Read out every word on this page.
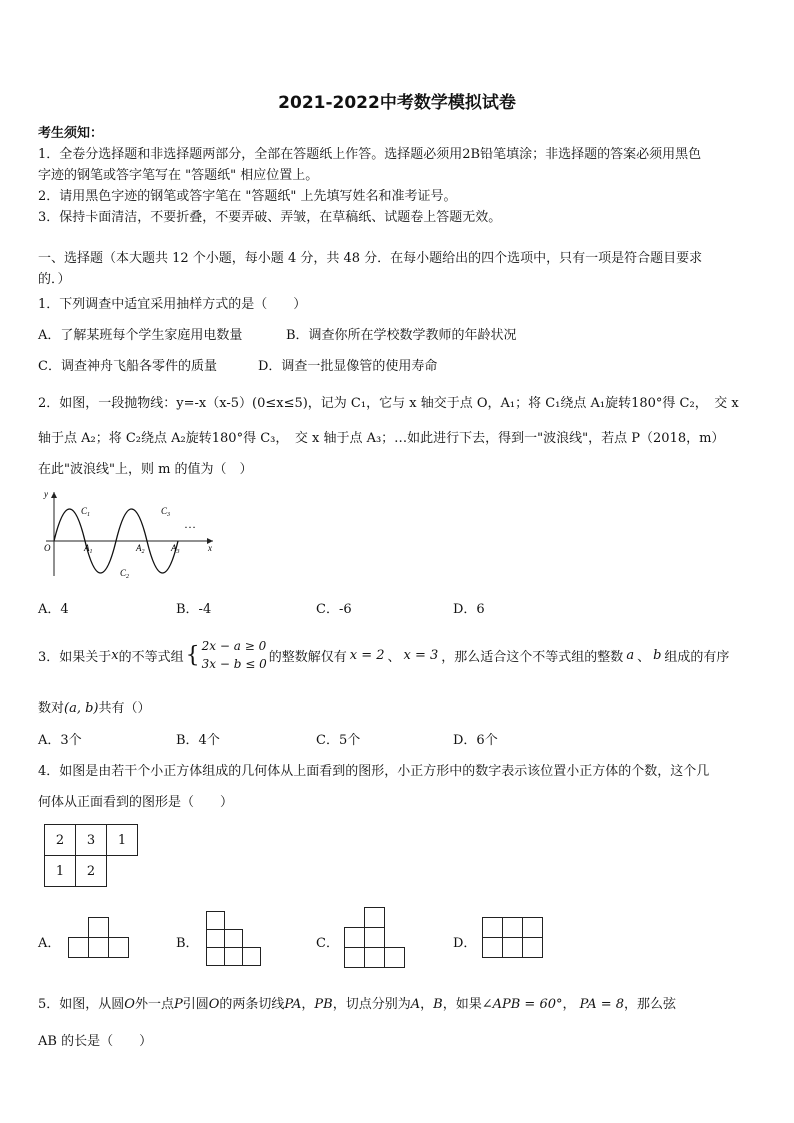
2021-2022中考数学模拟试卷
考生须知：
1．全卷分选择题和非选择题两部分，全部在答题纸上作答。选择题必须用2B铅笔填涂；非选择题的答案必须用黑色
字迹的钢笔或答字笔写在 "答题纸" 相应位置上。
2．请用黑色字迹的钢笔或答字笔在 "答题纸" 上先填写姓名和准考证号。
3．保持卡面清洁，不要折叠，不要弄破、弄皱，在草稿纸、试题卷上答题无效。
一、选择题（本大题共 12 个小题，每小题 4 分，共 48 分．在每小题给出的四个选项中，只有一项是符合题目要求
的．）
1．下列调查中适宜采用抽样方式的是（　　）
A．了解某班每个学生家庭用电数量	B．调查你所在学校数学教师的年龄状况
C．调查神舟飞船各零件的质量	D．调查一批显像管的使用寿命
2．如图，一段抛物线：y=-x（x-5）(0≤x≤5)，记为 C₁，它与 x 轴交于点 O，A₁；将 C₁绕点 A₁旋转180°得 C₂，　交 x
轴于点 A₂；将 C₂绕点 A₂旋转180°得 C₃，　交 x 轴于点 A₃；…如此进行下去，得到一"波浪线"，若点 P（2018，m）
在此"波浪线"上，则 m 的值为（　）
y
O	x
$A_1$	$A_2$	$A_3$
$C_1$
$C_2$
$C_3$
…
A．4	B．-4	C．-6	D．6
3．如果关于 x 的不等式组 { 2x − a ≥ 0
3x − b ≤ 0 的整数解仅有 x = 2 、 x = 3 ，那么适合这个不等式组的整数 a 、 b 组成的有序
数对(a, b)共有（）
A．3个	B．4个	C．5个	D．6个
4．如图是由若干个小正方体组成的几何体从上面看到的图形，小正方形中的数字表示该位置小正方体的个数，这个几
何体从正面看到的图形是（　　）
2	3	1
1	2
A．	B．	C．	D．
5．如图，从圆O外一点P引圆O的两条切线PA，PB，切点分别为A，B，如果∠APB = 60°， PA = 8，那么弦
AB 的长是（　　）
